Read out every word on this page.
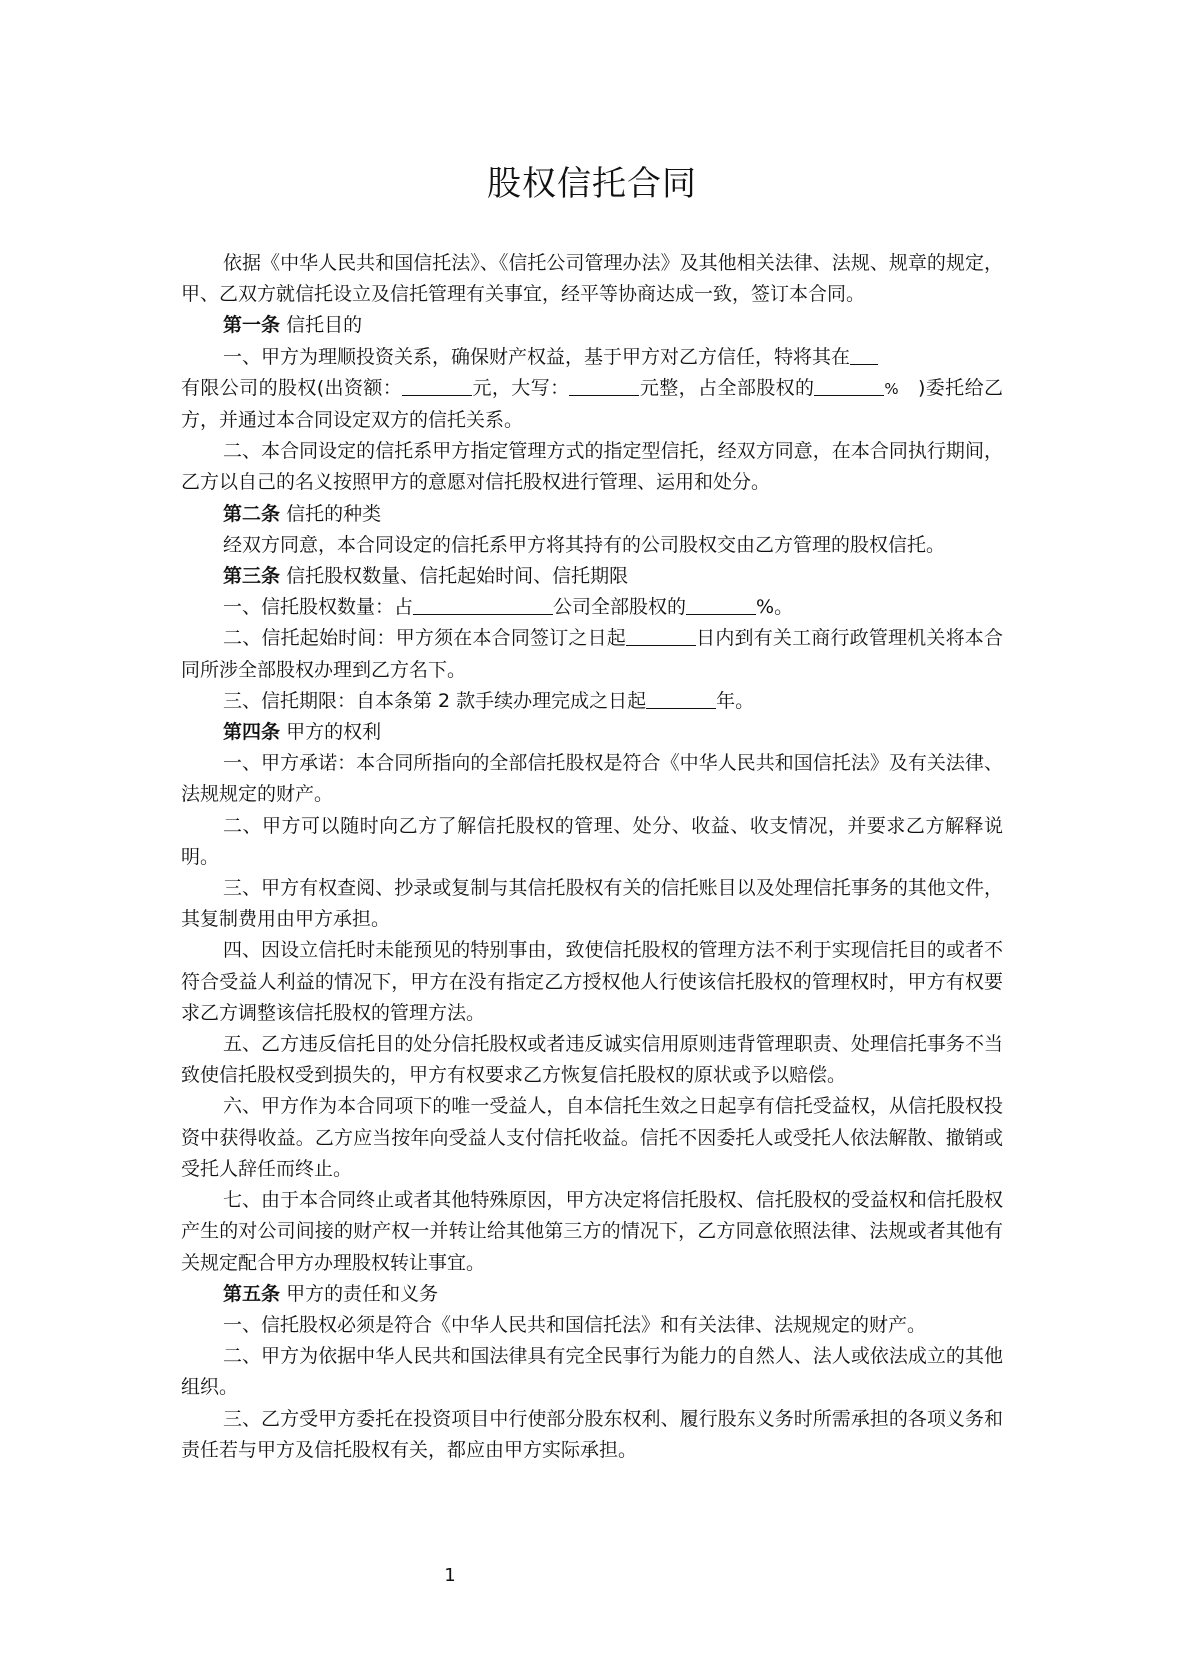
股权信托合同

依据《中华人民共和国信托法》、《信托公司管理办法》及其他相关法律、法规、规章的规定，甲、乙双方就信托设立及信托管理有关事宜，经平等协商达成一致，签订本合同。

第一条 信托目的

一、甲方为理顺投资关系，确保财产权益，基于甲方对乙方信任，特将其在
有限公司的股权(出资额：	元，大写：	元整，占全部股权的	% )委托给乙方，并通过本合同设定双方的信托关系。

二、本合同设定的信托系甲方指定管理方式的指定型信托，经双方同意，在本合同执行期间，乙方以自己的名义按照甲方的意愿对信托股权进行管理、运用和处分。

第二条 信托的种类

经双方同意，本合同设定的信托系甲方将其持有的公司股权交由乙方管理的股权信托。

第三条 信托股权数量、信托起始时间、信托期限

一、信托股权数量：占	公司全部股权的	%。

二、信托起始时间：甲方须在本合同签订之日起	日内到有关工商行政管理机关将本合同所涉全部股权办理到乙方名下。

三、信托期限：自本条第 2 款手续办理完成之日起	年。

第四条 甲方的权利

一、甲方承诺：本合同所指向的全部信托股权是符合《中华人民共和国信托法》及有关法律、法规规定的财产。

二、甲方可以随时向乙方了解信托股权的管理、处分、收益、收支情况，并要求乙方解释说明。

三、甲方有权查阅、抄录或复制与其信托股权有关的信托账目以及处理信托事务的其他文件，其复制费用由甲方承担。

四、因设立信托时未能预见的特别事由，致使信托股权的管理方法不利于实现信托目的或者不符合受益人利益的情况下，甲方在没有指定乙方授权他人行使该信托股权的管理权时，甲方有权要求乙方调整该信托股权的管理方法。

五、乙方违反信托目的处分信托股权或者违反诚实信用原则违背管理职责、处理信托事务不当致使信托股权受到损失的，甲方有权要求乙方恢复信托股权的原状或予以赔偿。

六、甲方作为本合同项下的唯一受益人，自本信托生效之日起享有信托受益权，从信托股权投资中获得收益。乙方应当按年向受益人支付信托收益。信托不因委托人或受托人依法解散、撤销或受托人辞任而终止。

七、由于本合同终止或者其他特殊原因，甲方决定将信托股权、信托股权的受益权和信托股权产生的对公司间接的财产权一并转让给其他第三方的情况下，乙方同意依照法律、法规或者其他有关规定配合甲方办理股权转让事宜。

第五条 甲方的责任和义务

一、信托股权必须是符合《中华人民共和国信托法》和有关法律、法规规定的财产。

二、甲方为依据中华人民共和国法律具有完全民事行为能力的自然人、法人或依法成立的其他组织。

三、乙方受甲方委托在投资项目中行使部分股东权利、履行股东义务时所需承担的各项义务和责任若与甲方及信托股权有关，都应由甲方实际承担。

1
